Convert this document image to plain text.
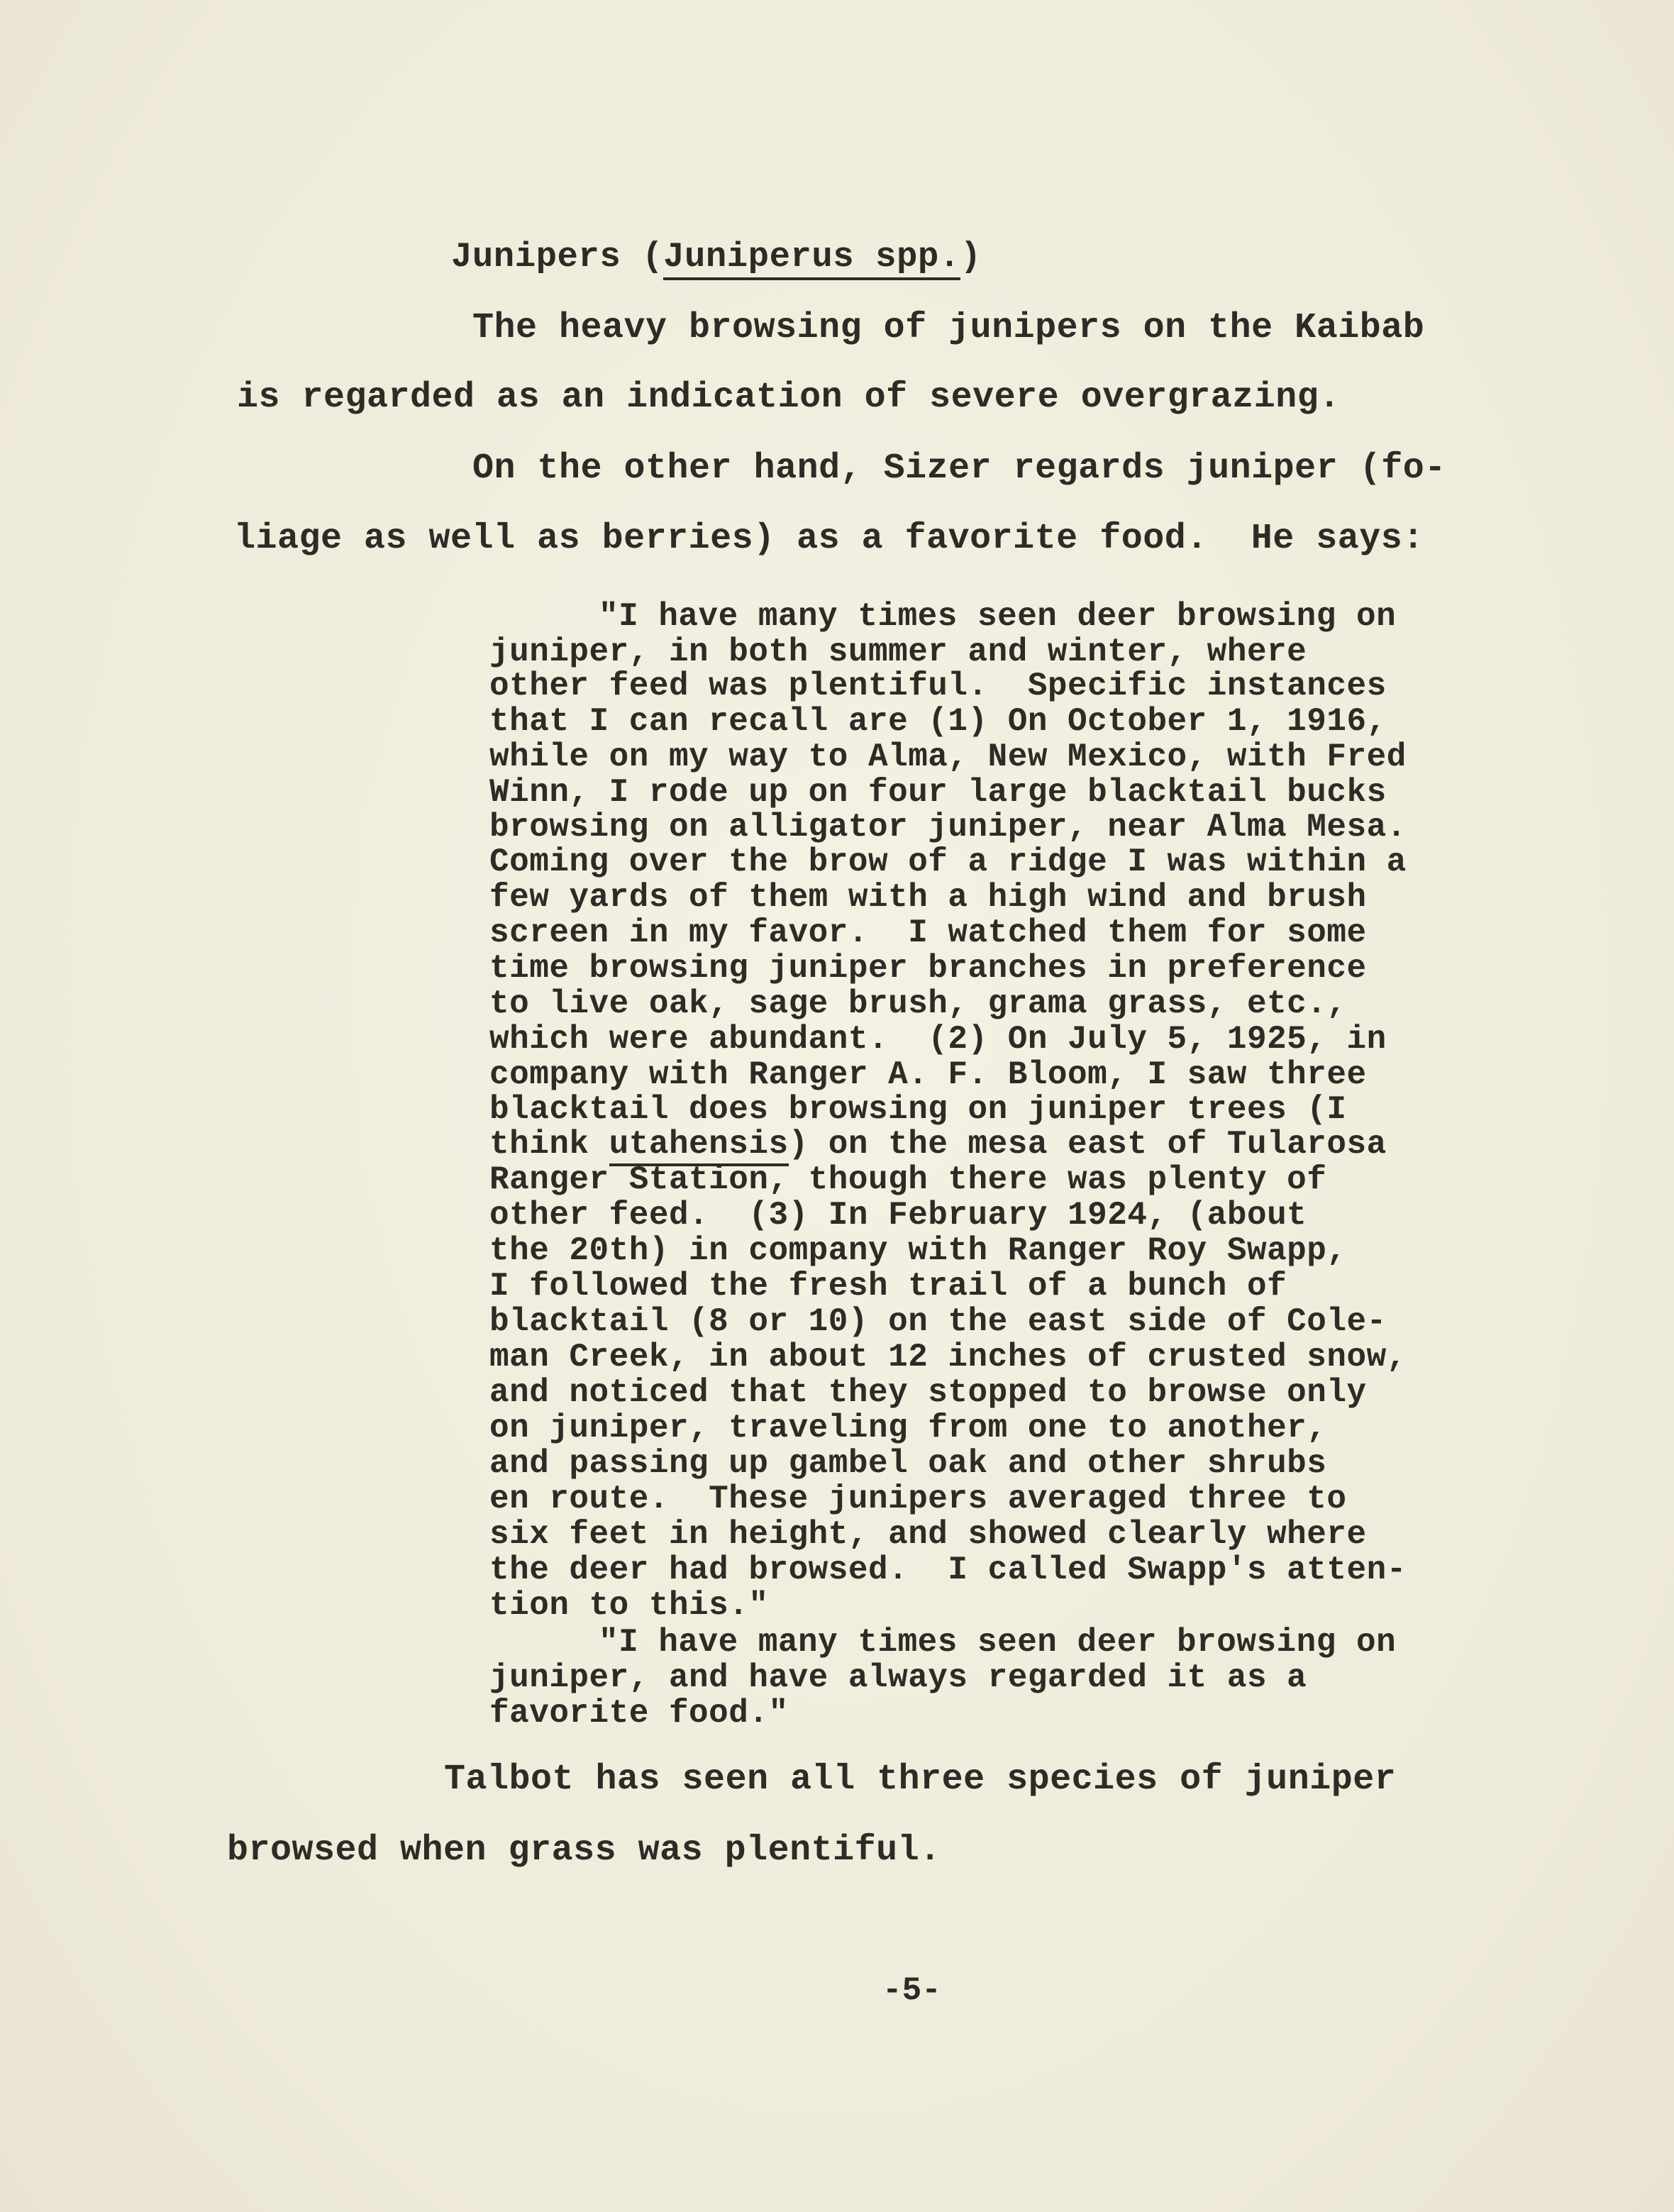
Junipers (Juniperus spp.)
The heavy browsing of junipers on the Kaibab
is regarded as an indication of severe overgrazing.
On the other hand, Sizer regards juniper (fo-
liage as well as berries) as a favorite food.  He says:
"I have many times seen deer browsing on
juniper, in both summer and winter, where
other feed was plentiful.  Specific instances
that I can recall are (1) On October 1, 1916,
while on my way to Alma, New Mexico, with Fred
Winn, I rode up on four large blacktail bucks
browsing on alligator juniper, near Alma Mesa.
Coming over the brow of a ridge I was within a
few yards of them with a high wind and brush
screen in my favor.  I watched them for some
time browsing juniper branches in preference
to live oak, sage brush, grama grass, etc.,
which were abundant.  (2) On July 5, 1925, in
company with Ranger A. F. Bloom, I saw three
blacktail does browsing on juniper trees (I
think utahensis) on the mesa east of Tularosa
Ranger Station, though there was plenty of
other feed.  (3) In February 1924, (about
the 20th) in company with Ranger Roy Swapp,
I followed the fresh trail of a bunch of
blacktail (8 or 10) on the east side of Cole-
man Creek, in about 12 inches of crusted snow,
and noticed that they stopped to browse only
on juniper, traveling from one to another,
and passing up gambel oak and other shrubs
en route.  These junipers averaged three to
six feet in height, and showed clearly where
the deer had browsed.  I called Swapp's atten-
tion to this."
"I have many times seen deer browsing on
juniper, and have always regarded it as a
favorite food."
Talbot has seen all three species of juniper
browsed when grass was plentiful.
-5-
